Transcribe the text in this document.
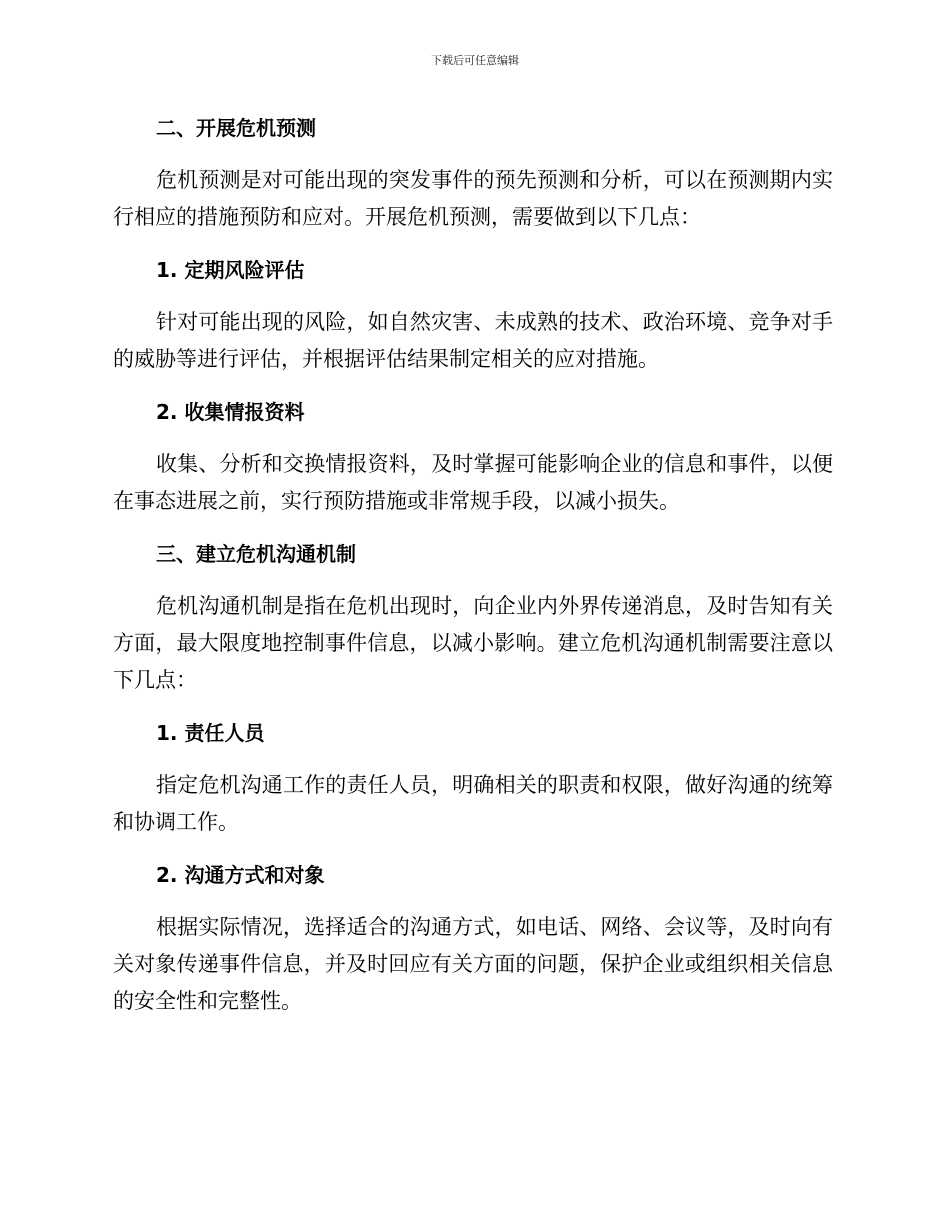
下载后可任意编辑
二、开展危机预测

危机预测是对可能出现的突发事件的预先预测和分析，可以在预测期内实行相应的措施预防和应对。开展危机预测，需要做到以下几点：

1. 定期风险评估

针对可能出现的风险，如自然灾害、未成熟的技术、政治环境、竞争对手的威胁等进行评估，并根据评估结果制定相关的应对措施。

2. 收集情报资料

收集、分析和交换情报资料，及时掌握可能影响企业的信息和事件，以便在事态进展之前，实行预防措施或非常规手段，以减小损失。

三、建立危机沟通机制

危机沟通机制是指在危机出现时，向企业内外界传递消息，及时告知有关方面，最大限度地控制事件信息，以减小影响。建立危机沟通机制需要注意以下几点：

1. 责任人员

指定危机沟通工作的责任人员，明确相关的职责和权限，做好沟通的统筹和协调工作。

2. 沟通方式和对象

根据实际情况，选择适合的沟通方式，如电话、网络、会议等，及时向有关对象传递事件信息，并及时回应有关方面的问题，保护企业或组织相关信息的安全性和完整性。
